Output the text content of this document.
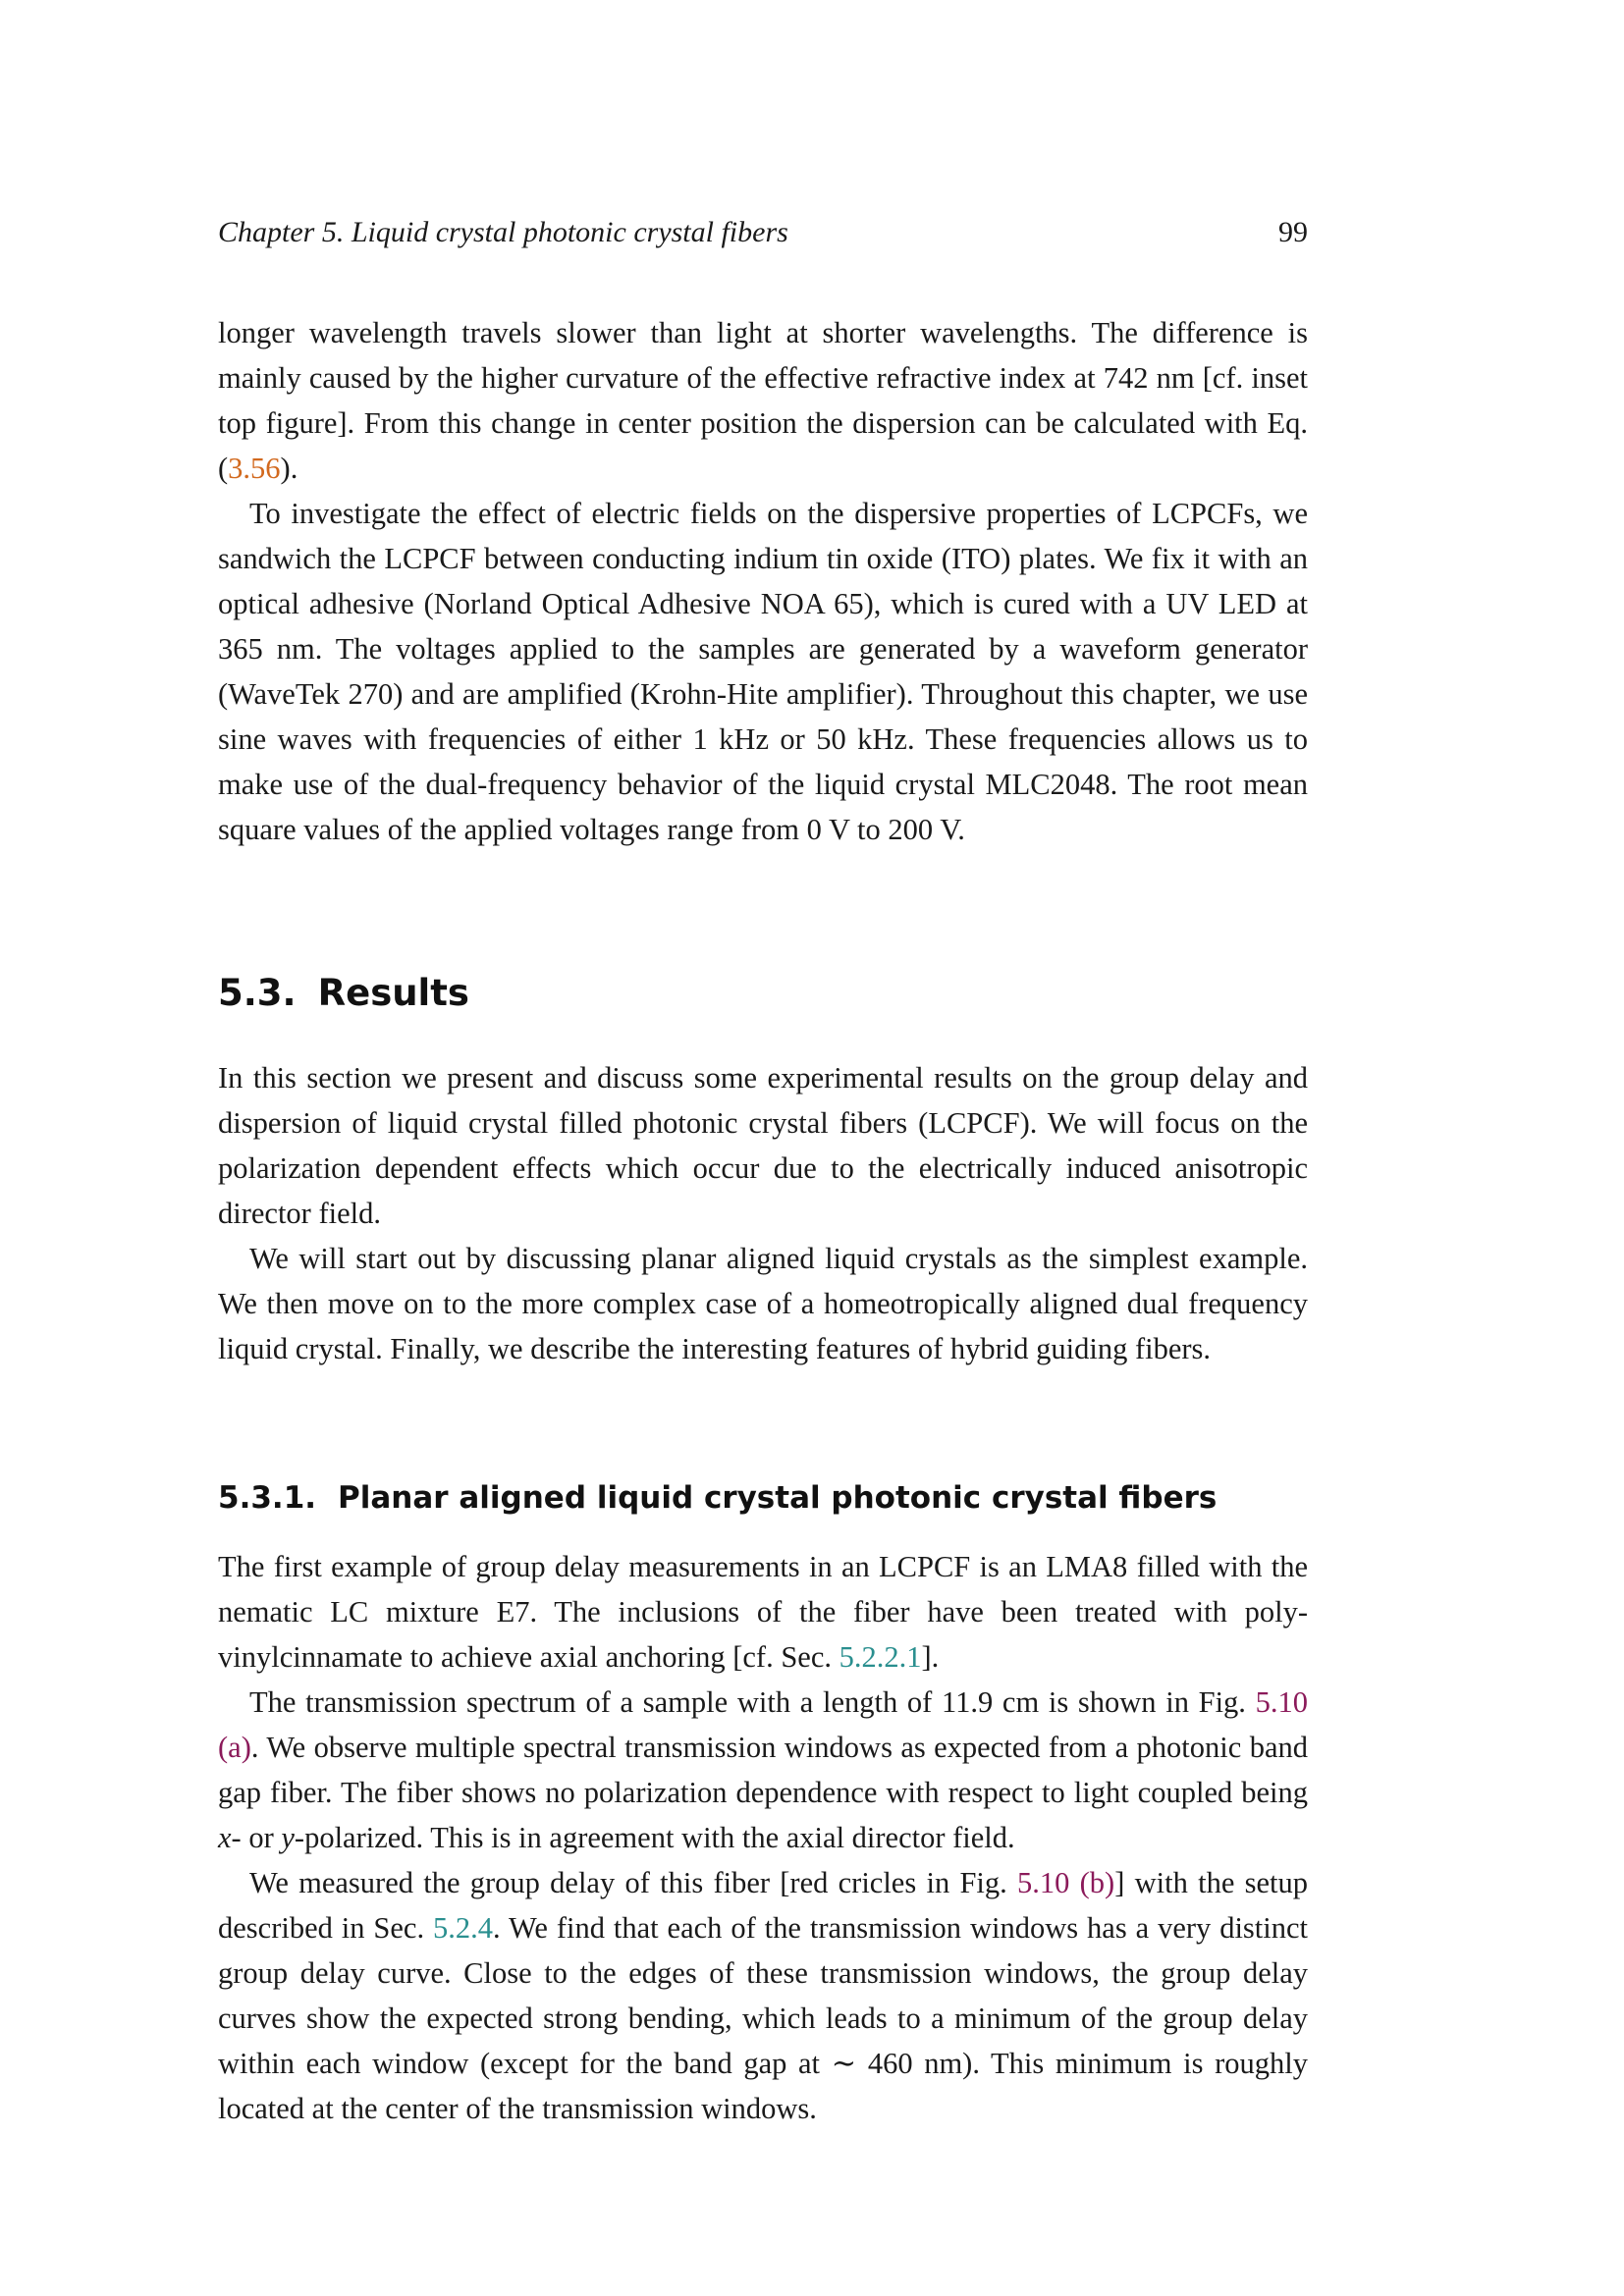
Chapter 5. Liquid crystal photonic crystal fibers	99

longer wavelength travels slower than light at shorter wavelengths. The difference is mainly caused by the higher curvature of the effective refractive index at 742 nm [cf. inset top figure]. From this change in center position the dispersion can be calculated with Eq. (3.56).

To investigate the effect of electric fields on the dispersive properties of LCPCFs, we sandwich the LCPCF between conducting indium tin oxide (ITO) plates. We fix it with an optical adhesive (Norland Optical Adhesive NOA 65), which is cured with a UV LED at 365 nm. The voltages applied to the samples are generated by a waveform generator (WaveTek 270) and are amplified (Krohn-Hite amplifier). Throughout this chapter, we use sine waves with frequencies of either 1 kHz or 50 kHz. These frequencies allows us to make use of the dual-frequency behavior of the liquid crystal MLC2048. The root mean square values of the applied voltages range from 0 V to 200 V.

5.3. Results

In this section we present and discuss some experimental results on the group delay and dispersion of liquid crystal filled photonic crystal fibers (LCPCF). We will focus on the polarization dependent effects which occur due to the electrically induced anisotropic director field.

We will start out by discussing planar aligned liquid crystals as the simplest example. We then move on to the more complex case of a homeotropically aligned dual frequency liquid crystal. Finally, we describe the interesting features of hybrid guiding fibers.

5.3.1. Planar aligned liquid crystal photonic crystal fibers

The first example of group delay measurements in an LCPCF is an LMA8 filled with the nematic LC mixture E7. The inclusions of the fiber have been treated with poly-vinylcinnamate to achieve axial anchoring [cf. Sec. 5.2.2.1].

The transmission spectrum of a sample with a length of 11.9 cm is shown in Fig. 5.10 (a). We observe multiple spectral transmission windows as expected from a photonic band gap fiber. The fiber shows no polarization dependence with respect to light coupled being x- or y-polarized. This is in agreement with the axial director field.

We measured the group delay of this fiber [red cricles in Fig. 5.10 (b)] with the setup described in Sec. 5.2.4. We find that each of the transmission windows has a very distinct group delay curve. Close to the edges of these transmission windows, the group delay curves show the expected strong bending, which leads to a minimum of the group delay within each window (except for the band gap at ∼ 460 nm). This minimum is roughly located at the center of the transmission windows.
